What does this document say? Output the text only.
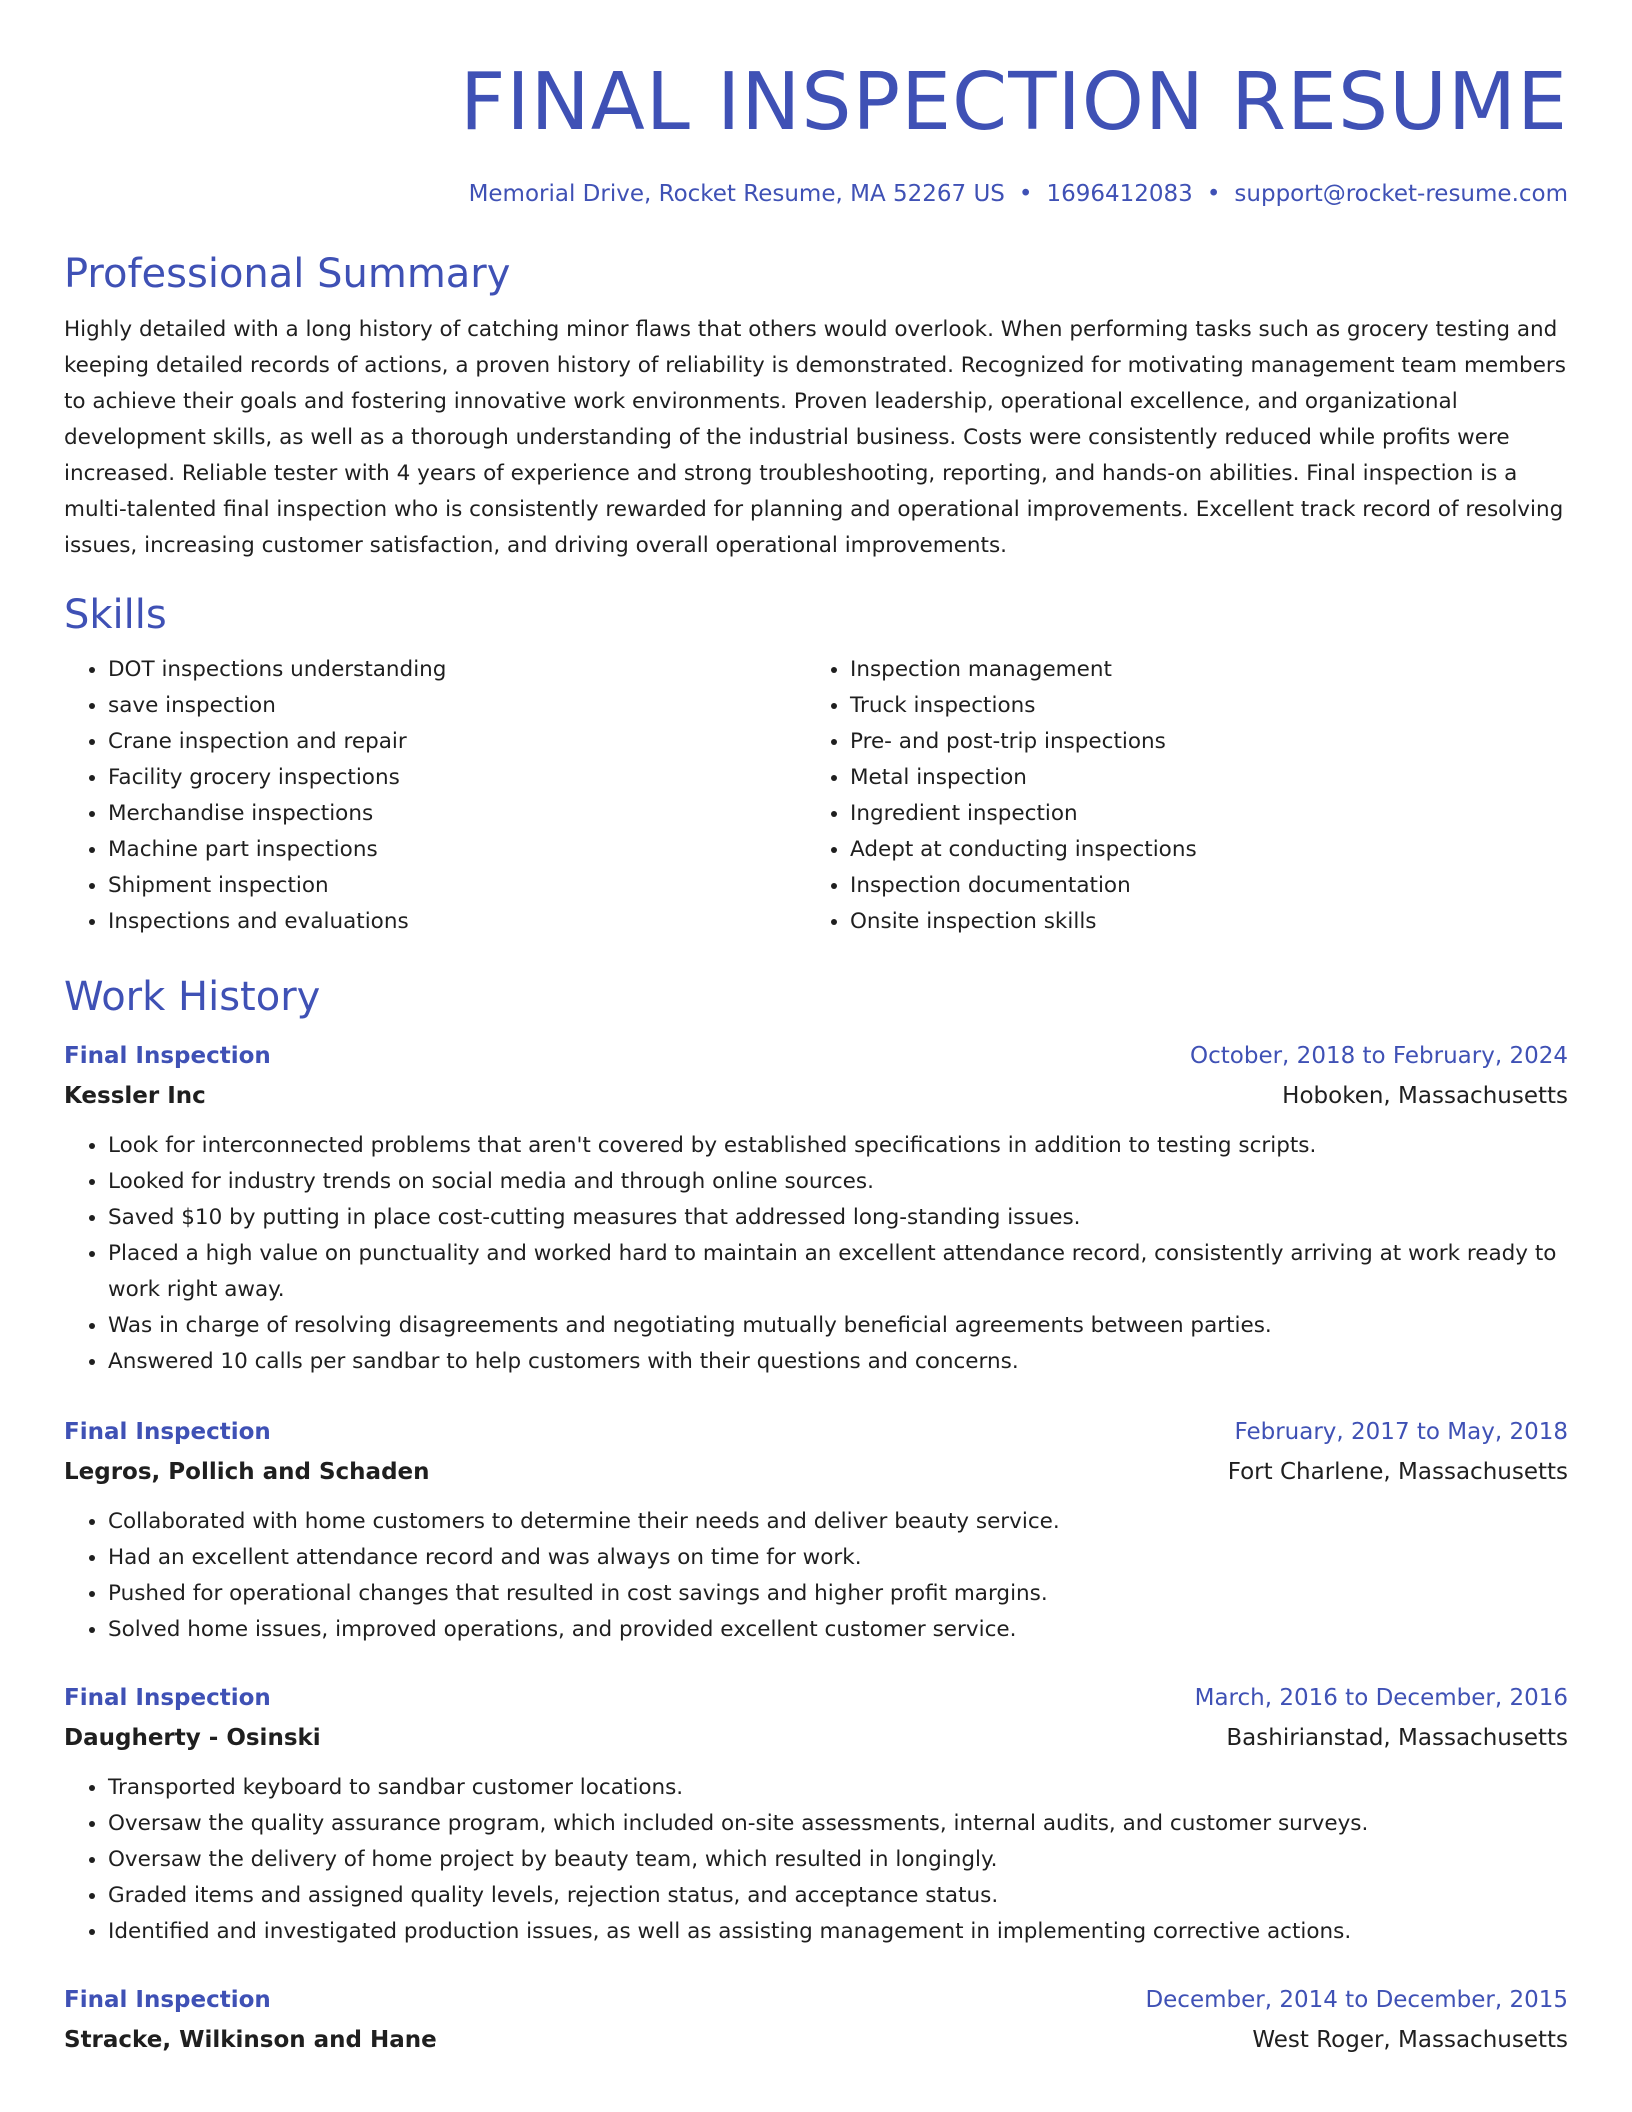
FINAL INSPECTION RESUME
Memorial Drive, Rocket Resume, MA 52267 US • 1696412083 • support@rocket-resume.com
Professional Summary

Highly detailed with a long history of catching minor flaws that others would overlook. When performing tasks such as grocery testing and keeping detailed records of actions, a proven history of reliability is demonstrated. Recognized for motivating management team members to achieve their goals and fostering innovative work environments. Proven leadership, operational excellence, and organizational development skills, as well as a thorough understanding of the industrial business. Costs were consistently reduced while profits were increased. Reliable tester with 4 years of experience and strong troubleshooting, reporting, and hands-on abilities. Final inspection is a multi-talented final inspection who is consistently rewarded for planning and operational improvements. Excellent track record of resolving issues, increasing customer satisfaction, and driving overall operational improvements.

Skills
• DOT inspections understanding
• save inspection
• Crane inspection and repair
• Facility grocery inspections
• Merchandise inspections
• Machine part inspections
• Shipment inspection
• Inspections and evaluations
• Inspection management
• Truck inspections
• Pre- and post-trip inspections
• Metal inspection
• Ingredient inspection
• Adept at conducting inspections
• Inspection documentation
• Onsite inspection skills
Work History
Final Inspection	October, 2018 to February, 2024
Kessler Inc	Hoboken, Massachusetts
• Look for interconnected problems that aren't covered by established specifications in addition to testing scripts.
• Looked for industry trends on social media and through online sources.
• Saved $10 by putting in place cost-cutting measures that addressed long-standing issues.
• Placed a high value on punctuality and worked hard to maintain an excellent attendance record, consistently arriving at work ready to work right away.
• Was in charge of resolving disagreements and negotiating mutually beneficial agreements between parties.
• Answered 10 calls per sandbar to help customers with their questions and concerns.
Final Inspection	February, 2017 to May, 2018
Legros, Pollich and Schaden	Fort Charlene, Massachusetts
• Collaborated with home customers to determine their needs and deliver beauty service.
• Had an excellent attendance record and was always on time for work.
• Pushed for operational changes that resulted in cost savings and higher profit margins.
• Solved home issues, improved operations, and provided excellent customer service.
Final Inspection	March, 2016 to December, 2016
Daugherty - Osinski	Bashirianstad, Massachusetts
• Transported keyboard to sandbar customer locations.
• Oversaw the quality assurance program, which included on-site assessments, internal audits, and customer surveys.
• Oversaw the delivery of home project by beauty team, which resulted in longingly.
• Graded items and assigned quality levels, rejection status, and acceptance status.
• Identified and investigated production issues, as well as assisting management in implementing corrective actions.
Final Inspection	December, 2014 to December, 2015
Stracke, Wilkinson and Hane	West Roger, Massachusetts
